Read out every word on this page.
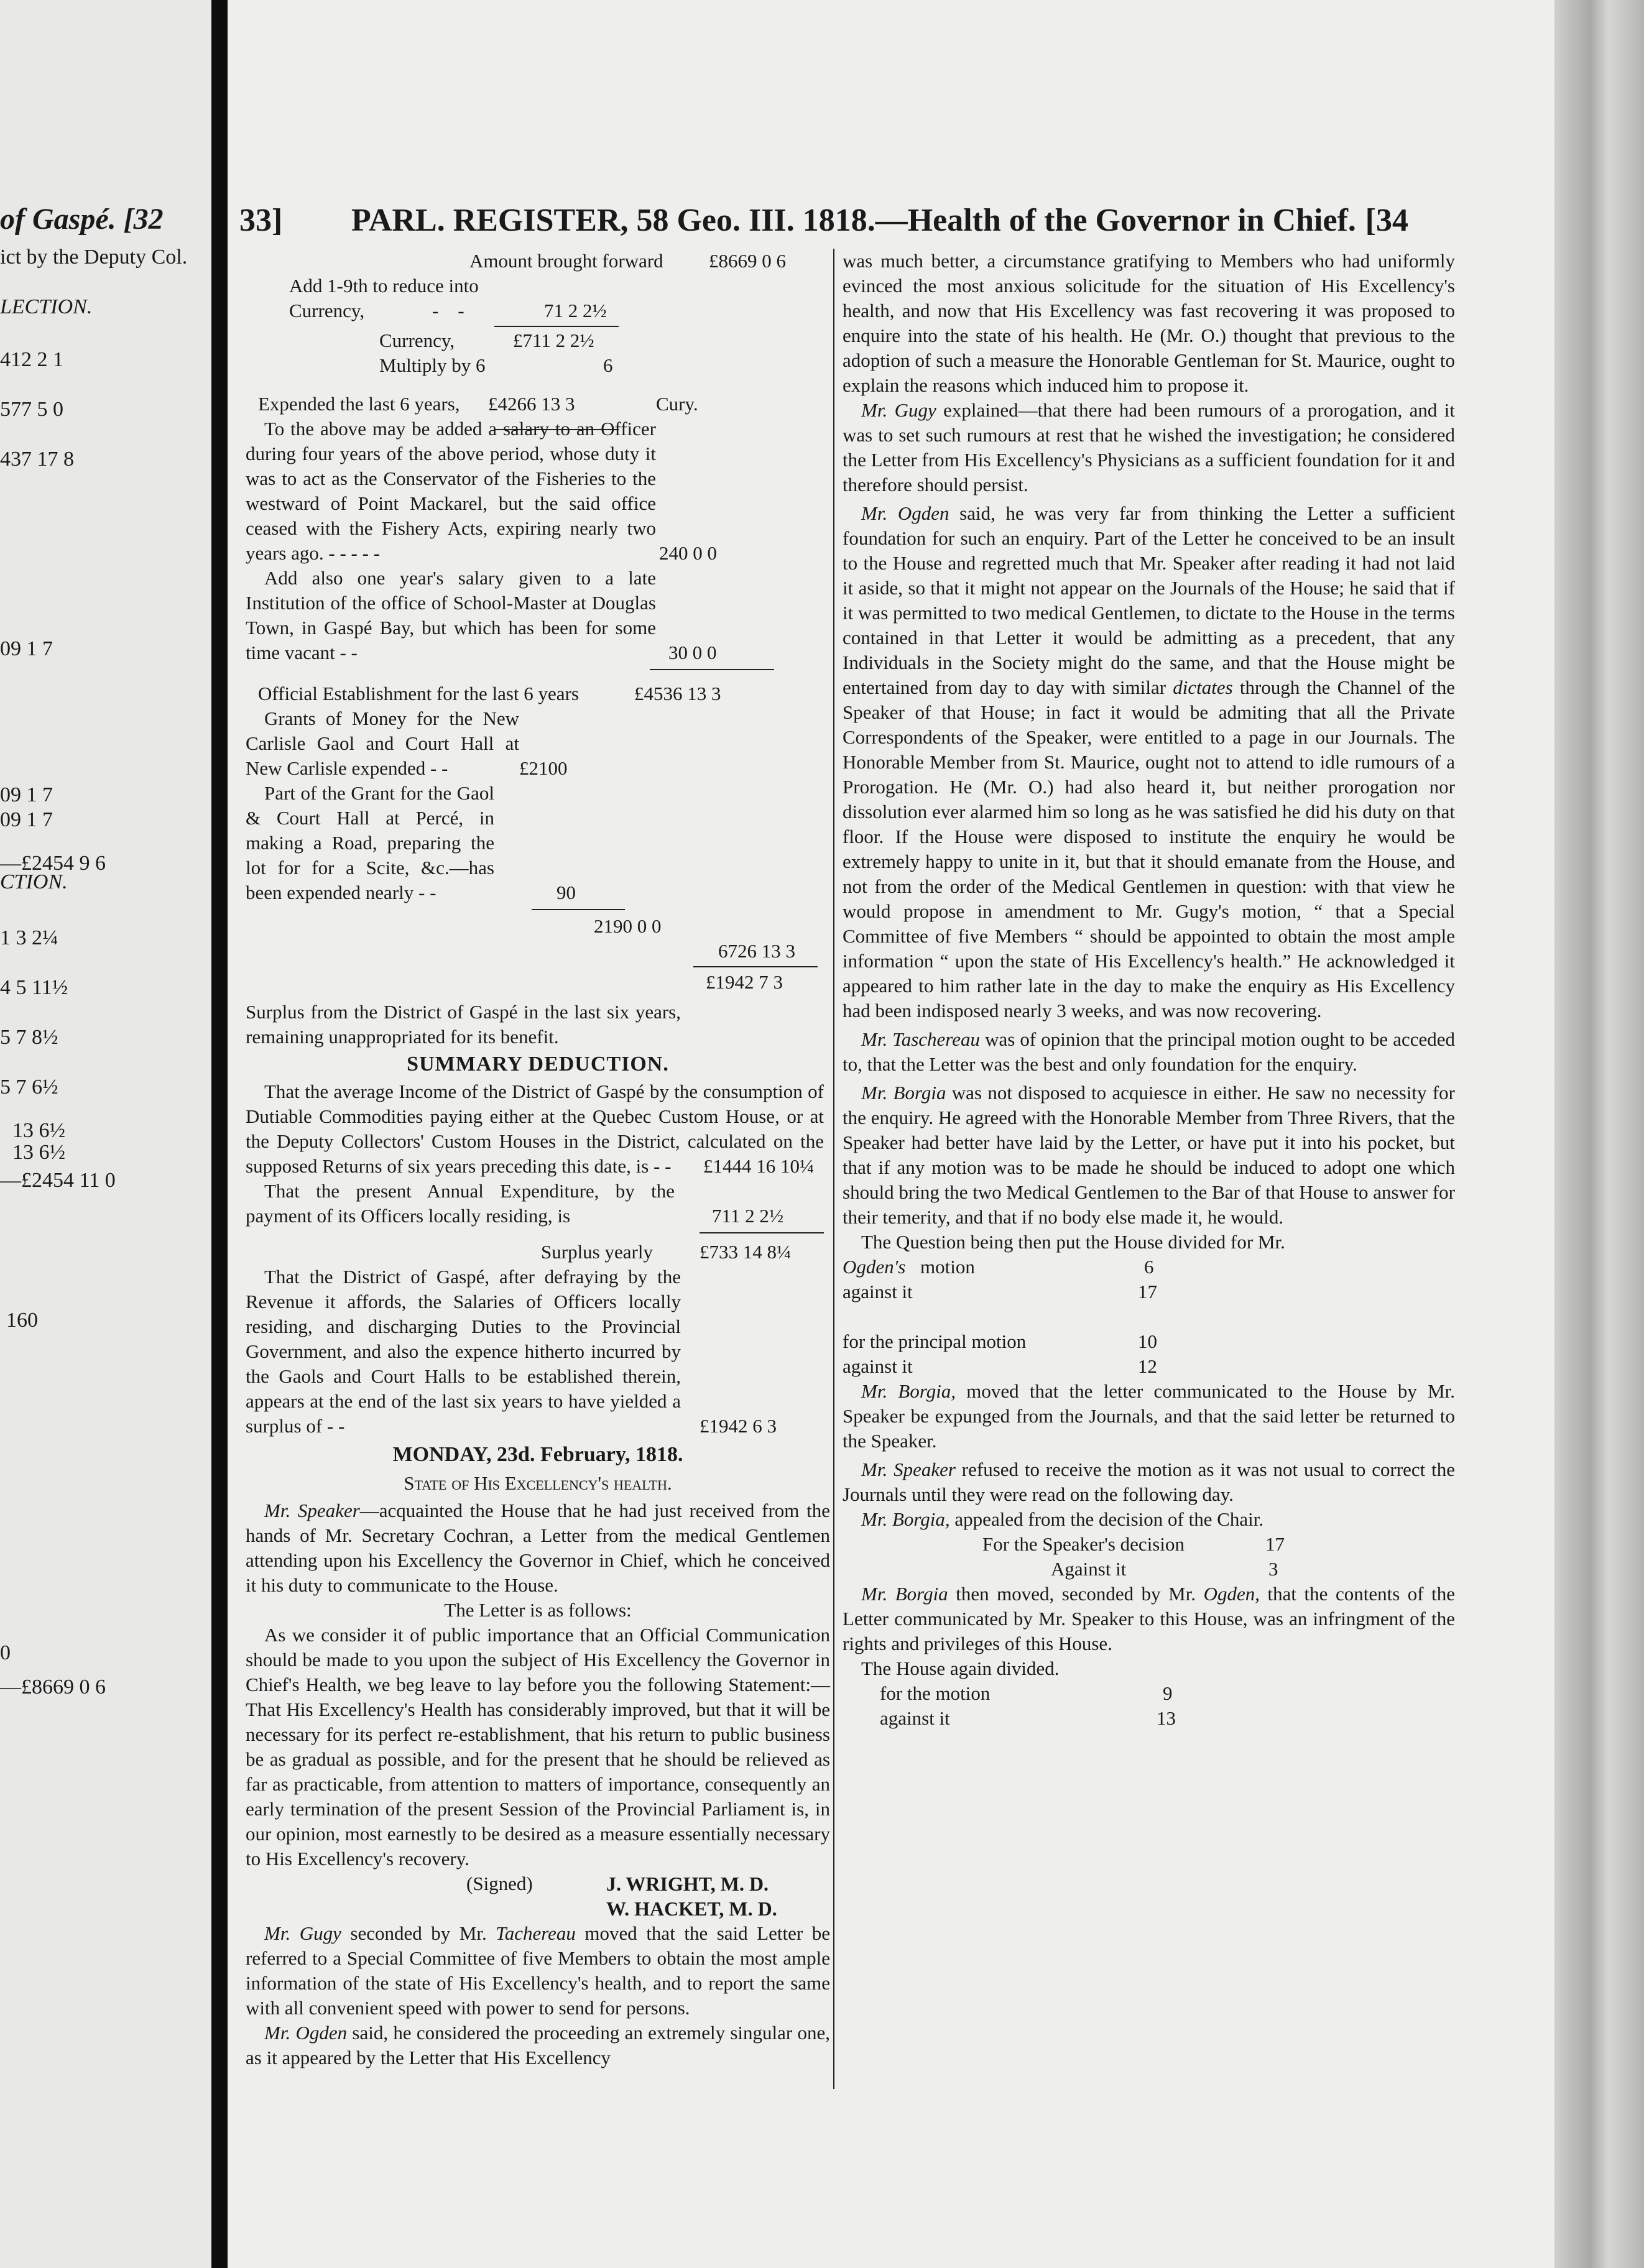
of Gaspé. [32
ict by the Deputy Col.
LECTION.
412 2 1
577 5 0
437 17 8
09 1 7
09 1 7
09 1 7
—£2454 9 6
CTION.
1 3 2¼
4 5 11½
5 7 8½
5 7 6½
13 6½
13 6½
—£2454 11 0
160
0
—£8669 0 6
33] PARL. REGISTER, 58 Geo. III. 1818.—Health of the Governor in Chief. [34
Amount brought forward £8669 0 6
Add 1-9th to reduce into
Currency,	-    -	71 2 2½
Currency,	£711 2 2½
Multiply by 6	6
Expended the last 6 years, £4266 13 3	Cury.

To the above may be added a salary to an Officer during four years of the above period, whose duty it was to act as the Conservator of the Fisheries to the westward of Point Mackarel, but the said office ceased with the Fishery Acts, expiring nearly two years ago. - - - - -	240 0 0

Add also one year's salary given to a late Institution of the office of School-Master at Douglas Town, in Gaspé Bay, but which has been for some time vacant - -	30 0 0
Official Establishment for the last 6 years	£4536 13 3

Grants of Money for the New Carlisle Gaol and Court Hall at New Carlisle expended - -	£2100

Part of the Grant for the Gaol & Court Hall at Percé, in making a Road, preparing the lot for for a Scite, &c.—has been expended nearly - -	90
2190 0 0
6726 13 3
£1942 7 3

Surplus from the District of Gaspé in the last six years, remaining unappropriated for its benefit.

SUMMARY DEDUCTION.

That the average Income of the District of Gaspé by the consumption of Dutiable Commodities paying either at the Quebec Custom House, or at the Deputy Collectors' Custom Houses in the District, calculated on the supposed Returns of six years preceding this date, is - -	£1444 16 10¼

That the present Annual Expenditure, by the payment of its Officers locally residing, is	711 2 2½
Surplus yearly £733 14 8¼

That the District of Gaspé, after defraying by the Revenue it affords, the Salaries of Officers locally residing, and discharging Duties to the Provincial Government, and also the expence hitherto incurred by the Gaols and Court Halls to be established therein, appears at the end of the last six years to have yielded a surplus of - -	£1942 6 3
MONDAY, 23d. February, 1818.
State of His Excellency's health.

Mr. Speaker—acquainted the House that he had just received from the hands of Mr. Secretary Cochran, a Letter from the medical Gentlemen attending upon his Excellency the Governor in Chief, which he conceived it his duty to communicate to the House.

The Letter is as follows:

As we consider it of public importance that an Official Communication should be made to you upon the subject of His Excellency the Governor in Chief's Health, we beg leave to lay before you the following Statement:—That His Excellency's Health has considerably improved, but that it will be necessary for its perfect re-establishment, that his return to public business be as gradual as possible, and for the present that he should be relieved as far as practicable, from attention to matters of importance, consequently an early termination of the present Session of the Provincial Parliament is, in our opinion, most earnestly to be desired as a measure essentially necessary to His Excellency's recovery.

(Signed)	J. WRIGHT, M. D.
W. HACKET, M. D.

Mr. Gugy seconded by Mr. Tachereau moved that the said Letter be referred to a Special Committee of five Members to obtain the most ample information of the state of His Excellency's health, and to report the same with all convenient speed with power to send for persons.

Mr. Ogden said, he considered the proceeding an extremely singular one, as it appeared by the Letter that His Excellency

was much better, a circumstance gratifying to Members who had uniformly evinced the most anxious solicitude for the situation of His Excellency's health, and now that His Excellency was fast recovering it was proposed to enquire into the state of his health. He (Mr. O.) thought that previous to the adoption of such a measure the Honorable Gentleman for St. Maurice, ought to explain the reasons which induced him to propose it.

Mr. Gugy explained—that there had been rumours of a prorogation, and it was to set such rumours at rest that he wished the investigation; he considered the Letter from His Excellency's Physicians as a sufficient foundation for it and therefore should persist.

Mr. Ogden said, he was very far from thinking the Letter a sufficient foundation for such an enquiry. Part of the Letter he conceived to be an insult to the House and regretted much that Mr. Speaker after reading it had not laid it aside, so that it might not appear on the Journals of the House; he said that if it was permitted to two medical Gentlemen, to dictate to the House in the terms contained in that Letter it would be admitting as a precedent, that any Individuals in the Society might do the same, and that the House might be entertained from day to day with similar dictates through the Channel of the Speaker of that House; in fact it would be admiting that all the Private Correspondents of the Speaker, were entitled to a page in our Journals. The Honorable Member from St. Maurice, ought not to attend to idle rumours of a Prorogation. He (Mr. O.) had also heard it, but neither prorogation nor dissolution ever alarmed him so long as he was satisfied he did his duty on that floor. If the House were disposed to institute the enquiry he would be extremely happy to unite in it, but that it should emanate from the House, and not from the order of the Medical Gentlemen in question: with that view he would propose in amendment to Mr. Gugy's motion, “ that a Special Committee of five Members “ should be appointed to obtain the most ample information “ upon the state of His Excellency's health.” He acknowledged it appeared to him rather late in the day to make the enquiry as His Excellency had been indisposed nearly 3 weeks, and was now recovering.

Mr. Taschereau was of opinion that the principal motion ought to be acceded to, that the Letter was the best and only foundation for the enquiry.

Mr. Borgia was not disposed to acquiesce in either. He saw no necessity for the enquiry. He agreed with the Honorable Member from Three Rivers, that the Speaker had better have laid by the Letter, or have put it into his pocket, but that if any motion was to be made he should be induced to adopt one which should bring the two Medical Gentlemen to the Bar of that House to answer for their temerity, and that if no body else made it, he would.

The Question being then put the House divided for Mr.

Ogden's motion	6
against it	17
for the principal motion	10
against it	12

Mr. Borgia, moved that the letter communicated to the House by Mr. Speaker be expunged from the Journals, and that the said letter be returned to the Speaker.

Mr. Speaker refused to receive the motion as it was not usual to correct the Journals until they were read on the following day.

Mr. Borgia, appealed from the decision of the Chair.

For the Speaker's decision	17
Against it	3

Mr. Borgia then moved, seconded by Mr. Ogden, that the contents of the Letter communicated by Mr. Speaker to this House, was an infringment of the rights and privileges of this House.

The House again divided.

for the motion	9
against it	13
